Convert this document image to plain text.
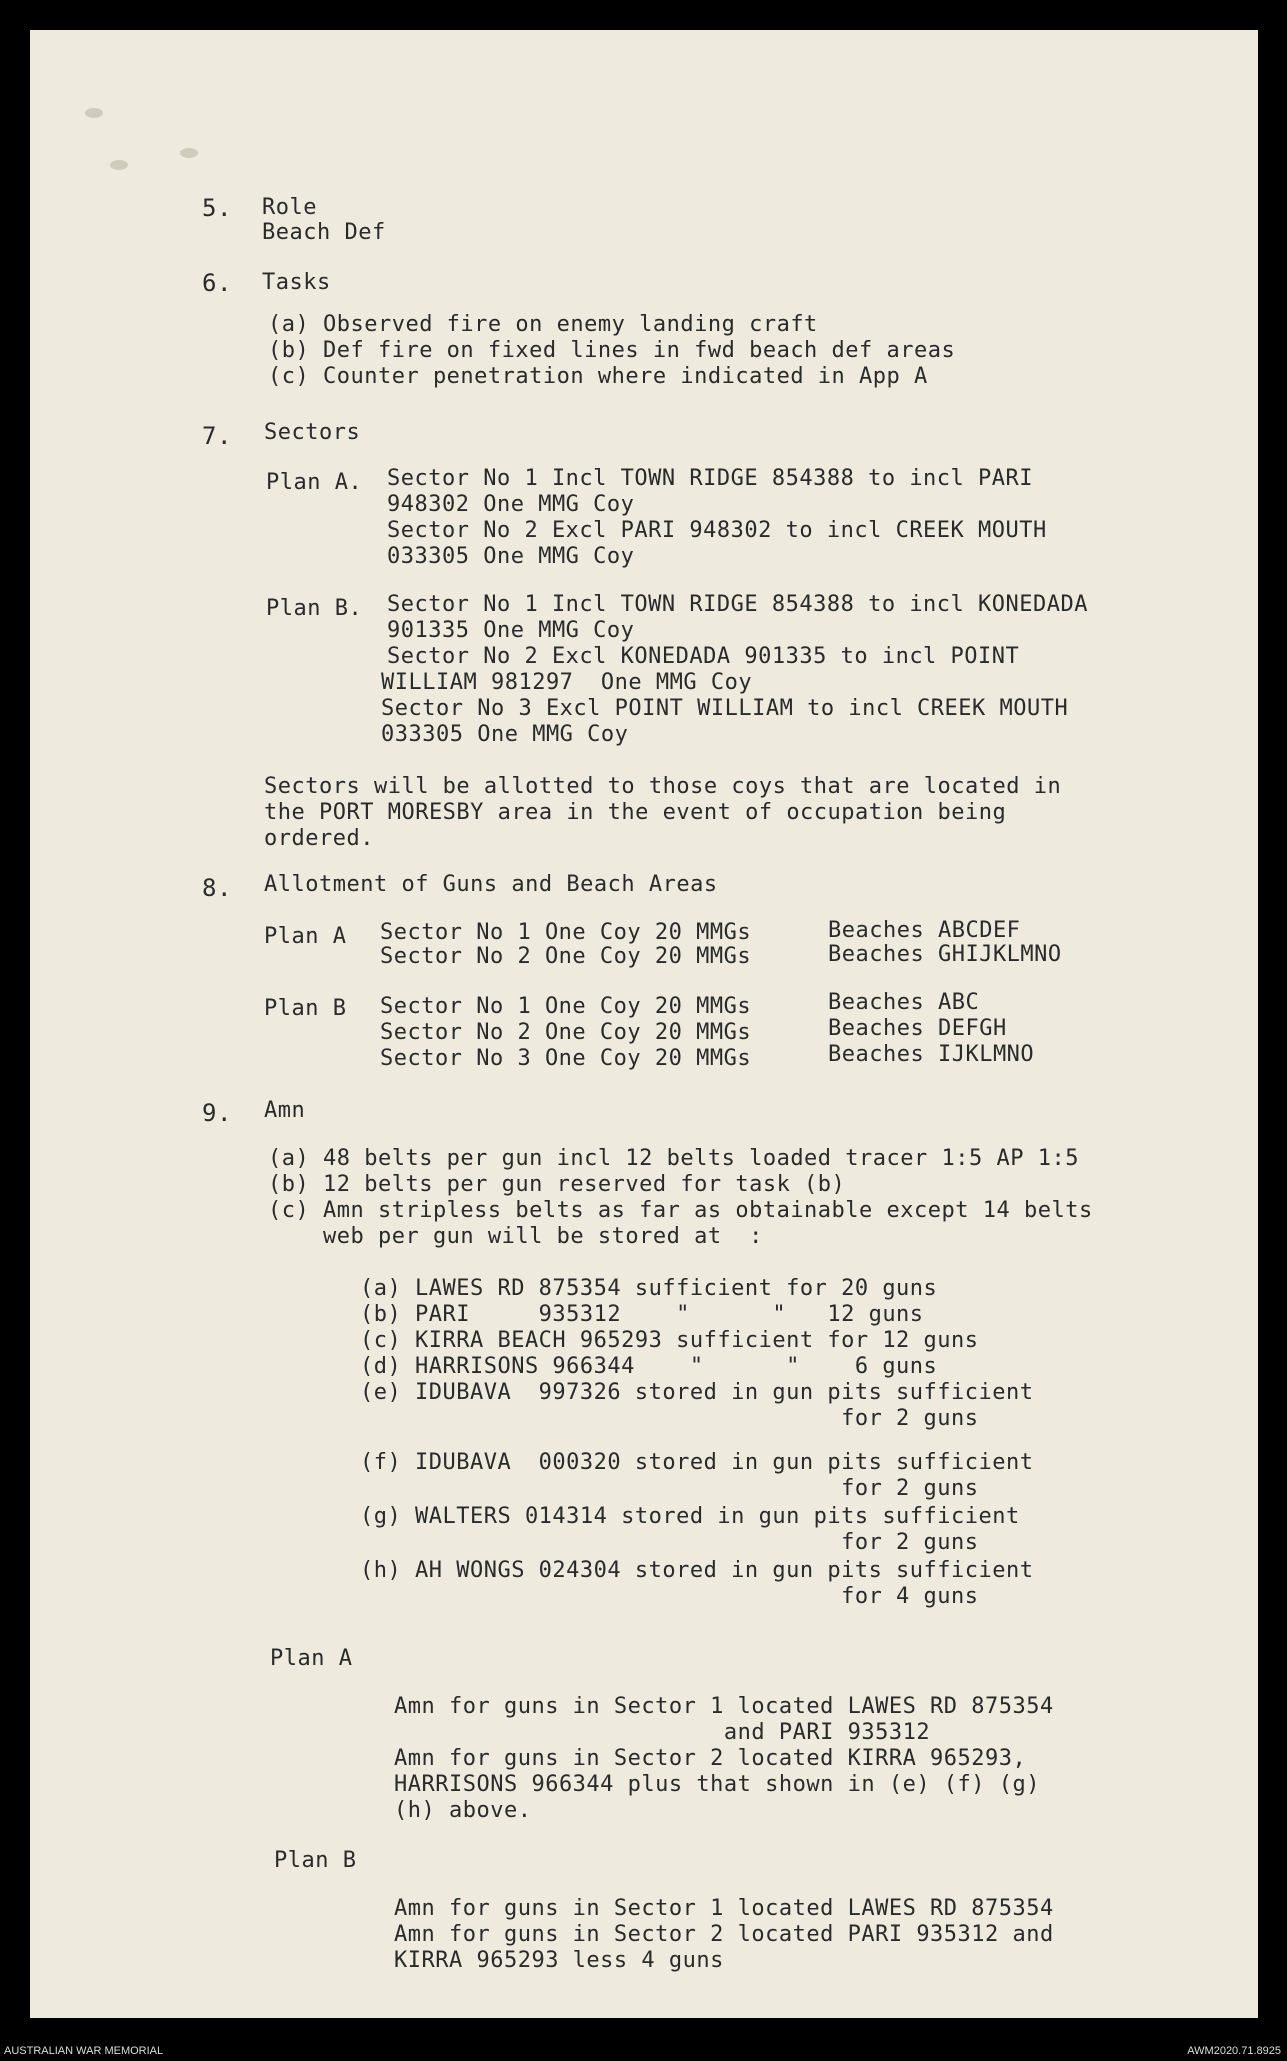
5. Role
Beach Def
6. Tasks
(a) Observed fire on enemy landing craft
(b) Def fire on fixed lines in fwd beach def areas
(c) Counter penetration where indicated in App A
7. Sectors
Plan A. Sector No 1 Incl TOWN RIDGE 854388 to incl PARI
948302 One MMG Coy
Sector No 2 Excl PARI 948302 to incl CREEK MOUTH
033305 One MMG Coy
Plan B. Sector No 1 Incl TOWN RIDGE 854388 to incl KONEDADA
901335 One MMG Coy
Sector No 2 Excl KONEDADA 901335 to incl POINT
WILLIAM 981297  One MMG Coy
Sector No 3 Excl POINT WILLIAM to incl CREEK MOUTH
033305 One MMG Coy
Sectors will be allotted to those coys that are located in
the PORT MORESBY area in the event of occupation being
ordered.
8. Allotment of Guns and Beach Areas
Plan A Sector No 1 One Coy 20 MMGs	Beaches ABCDEF
Sector No 2 One Coy 20 MMGs	Beaches GHIJKLMNO
Plan B Sector No 1 One Coy 20 MMGs	Beaches ABC
Sector No 2 One Coy 20 MMGs	Beaches DEFGH
Sector No 3 One Coy 20 MMGs	Beaches IJKLMNO
9. Amn
(a) 48 belts per gun incl 12 belts loaded tracer 1:5 AP 1:5
(b) 12 belts per gun reserved for task (b)
(c) Amn stripless belts as far as obtainable except 14 belts
web per gun will be stored at  :
(a) LAWES RD 875354 sufficient for 20 guns
(b) PARI     935312    "      "   12 guns
(c) KIRRA BEACH 965293 sufficient for 12 guns
(d) HARRISONS 966344    "      "    6 guns
(e) IDUBAVA  997326 stored in gun pits sufficient
for 2 guns
(f) IDUBAVA  000320 stored in gun pits sufficient
for 2 guns
(g) WALTERS 014314 stored in gun pits sufficient
for 2 guns
(h) AH WONGS 024304 stored in gun pits sufficient
for 4 guns
Plan A
Amn for guns in Sector 1 located LAWES RD 875354
and PARI 935312
Amn for guns in Sector 2 located KIRRA 965293,
HARRISONS 966344 plus that shown in (e) (f) (g)
(h) above.
Plan B
Amn for guns in Sector 1 located LAWES RD 875354
Amn for guns in Sector 2 located PARI 935312 and
KIRRA 965293 less 4 guns
AUSTRALIAN WAR MEMORIAL	AWM2020.71.8925
